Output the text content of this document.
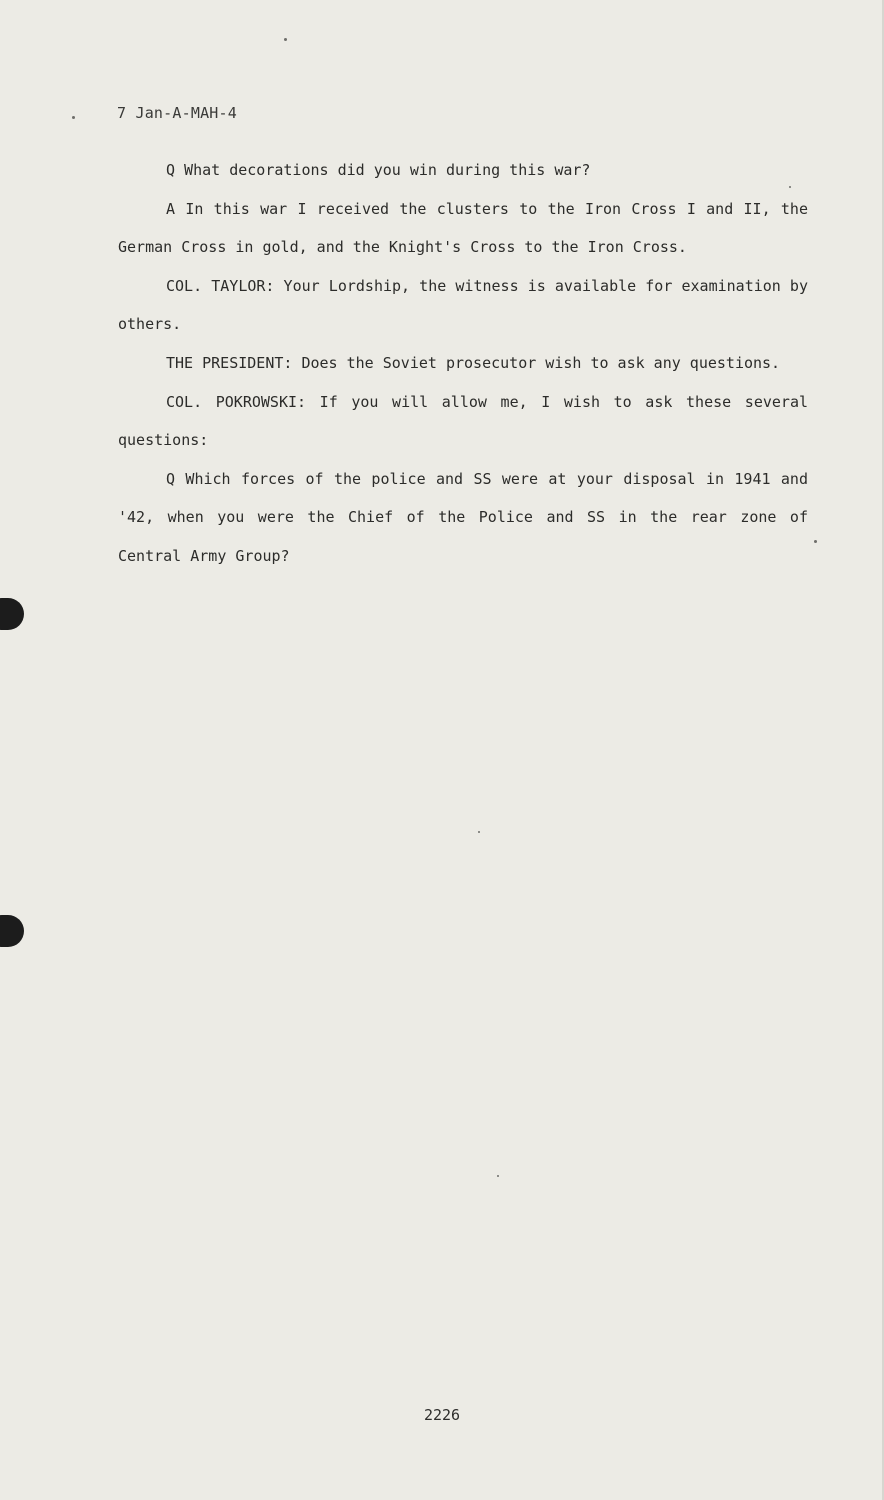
7 Jan-A-MAH-4

Q What decorations did you win during this war?

A In this war I received the clusters to the Iron Cross I and II, the German Cross in gold, and the Knight's Cross to the Iron Cross.

COL. TAYLOR: Your Lordship, the witness is available for examination by others.

THE PRESIDENT: Does the Soviet prosecutor wish to ask any questions.

COL. POKROWSKI: If you will allow me, I wish to ask these several questions:

Q Which forces of the police and SS were at your disposal in 1941 and '42, when you were the Chief of the Police and SS in the rear zone of Central Army Group?

2226
